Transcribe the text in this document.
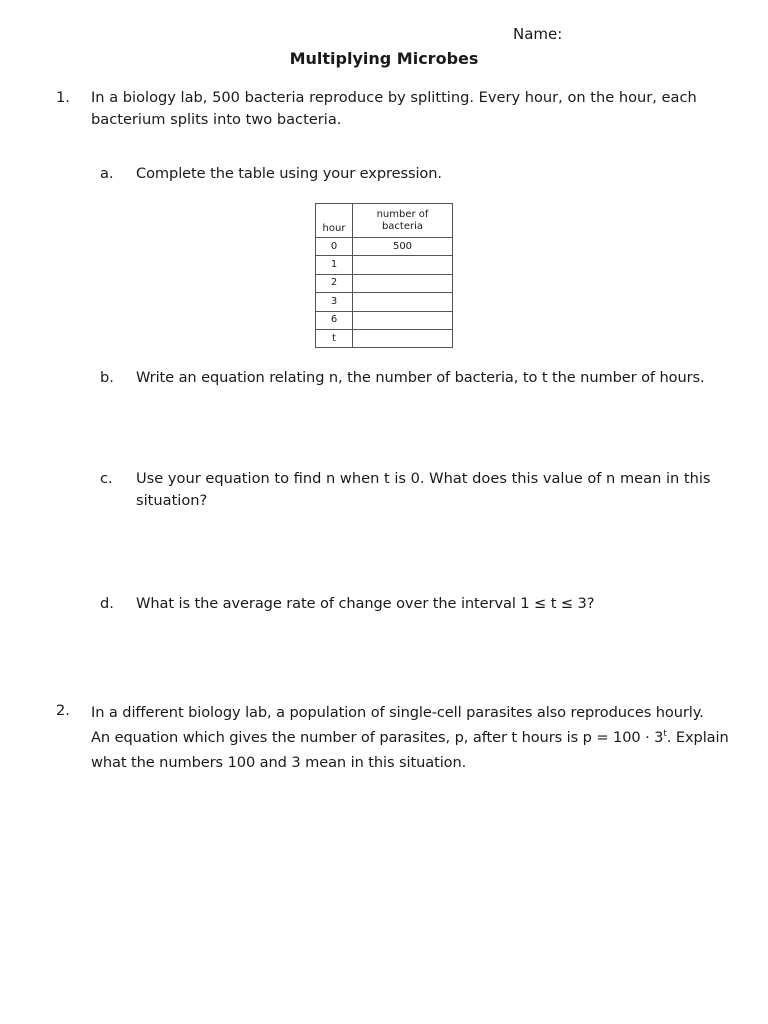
Name:
Multiplying Microbes
1. In a biology lab, 500 bacteria reproduce by splitting. Every hour, on the hour, each

bacterium splits into two bacteria.

a. Complete the table using your expression.
hour	number of
bacteria

0	500
1	
2	
3	
6	
t	
b. Write an equation relating n, the number of bacteria, to t the number of hours.
c. Use your equation to find n when t is 0. What does this value of n mean in this

situation?

d. What is the average rate of change over the interval 1 ≤ t ≤ 3?
2. In a different biology lab, a population of single-cell parasites also reproduces hourly.
An equation which gives the number of parasites, p, after t hours is $p = 100 \cdot 3^t$. Explain
what the numbers 100 and 3 mean in this situation.
